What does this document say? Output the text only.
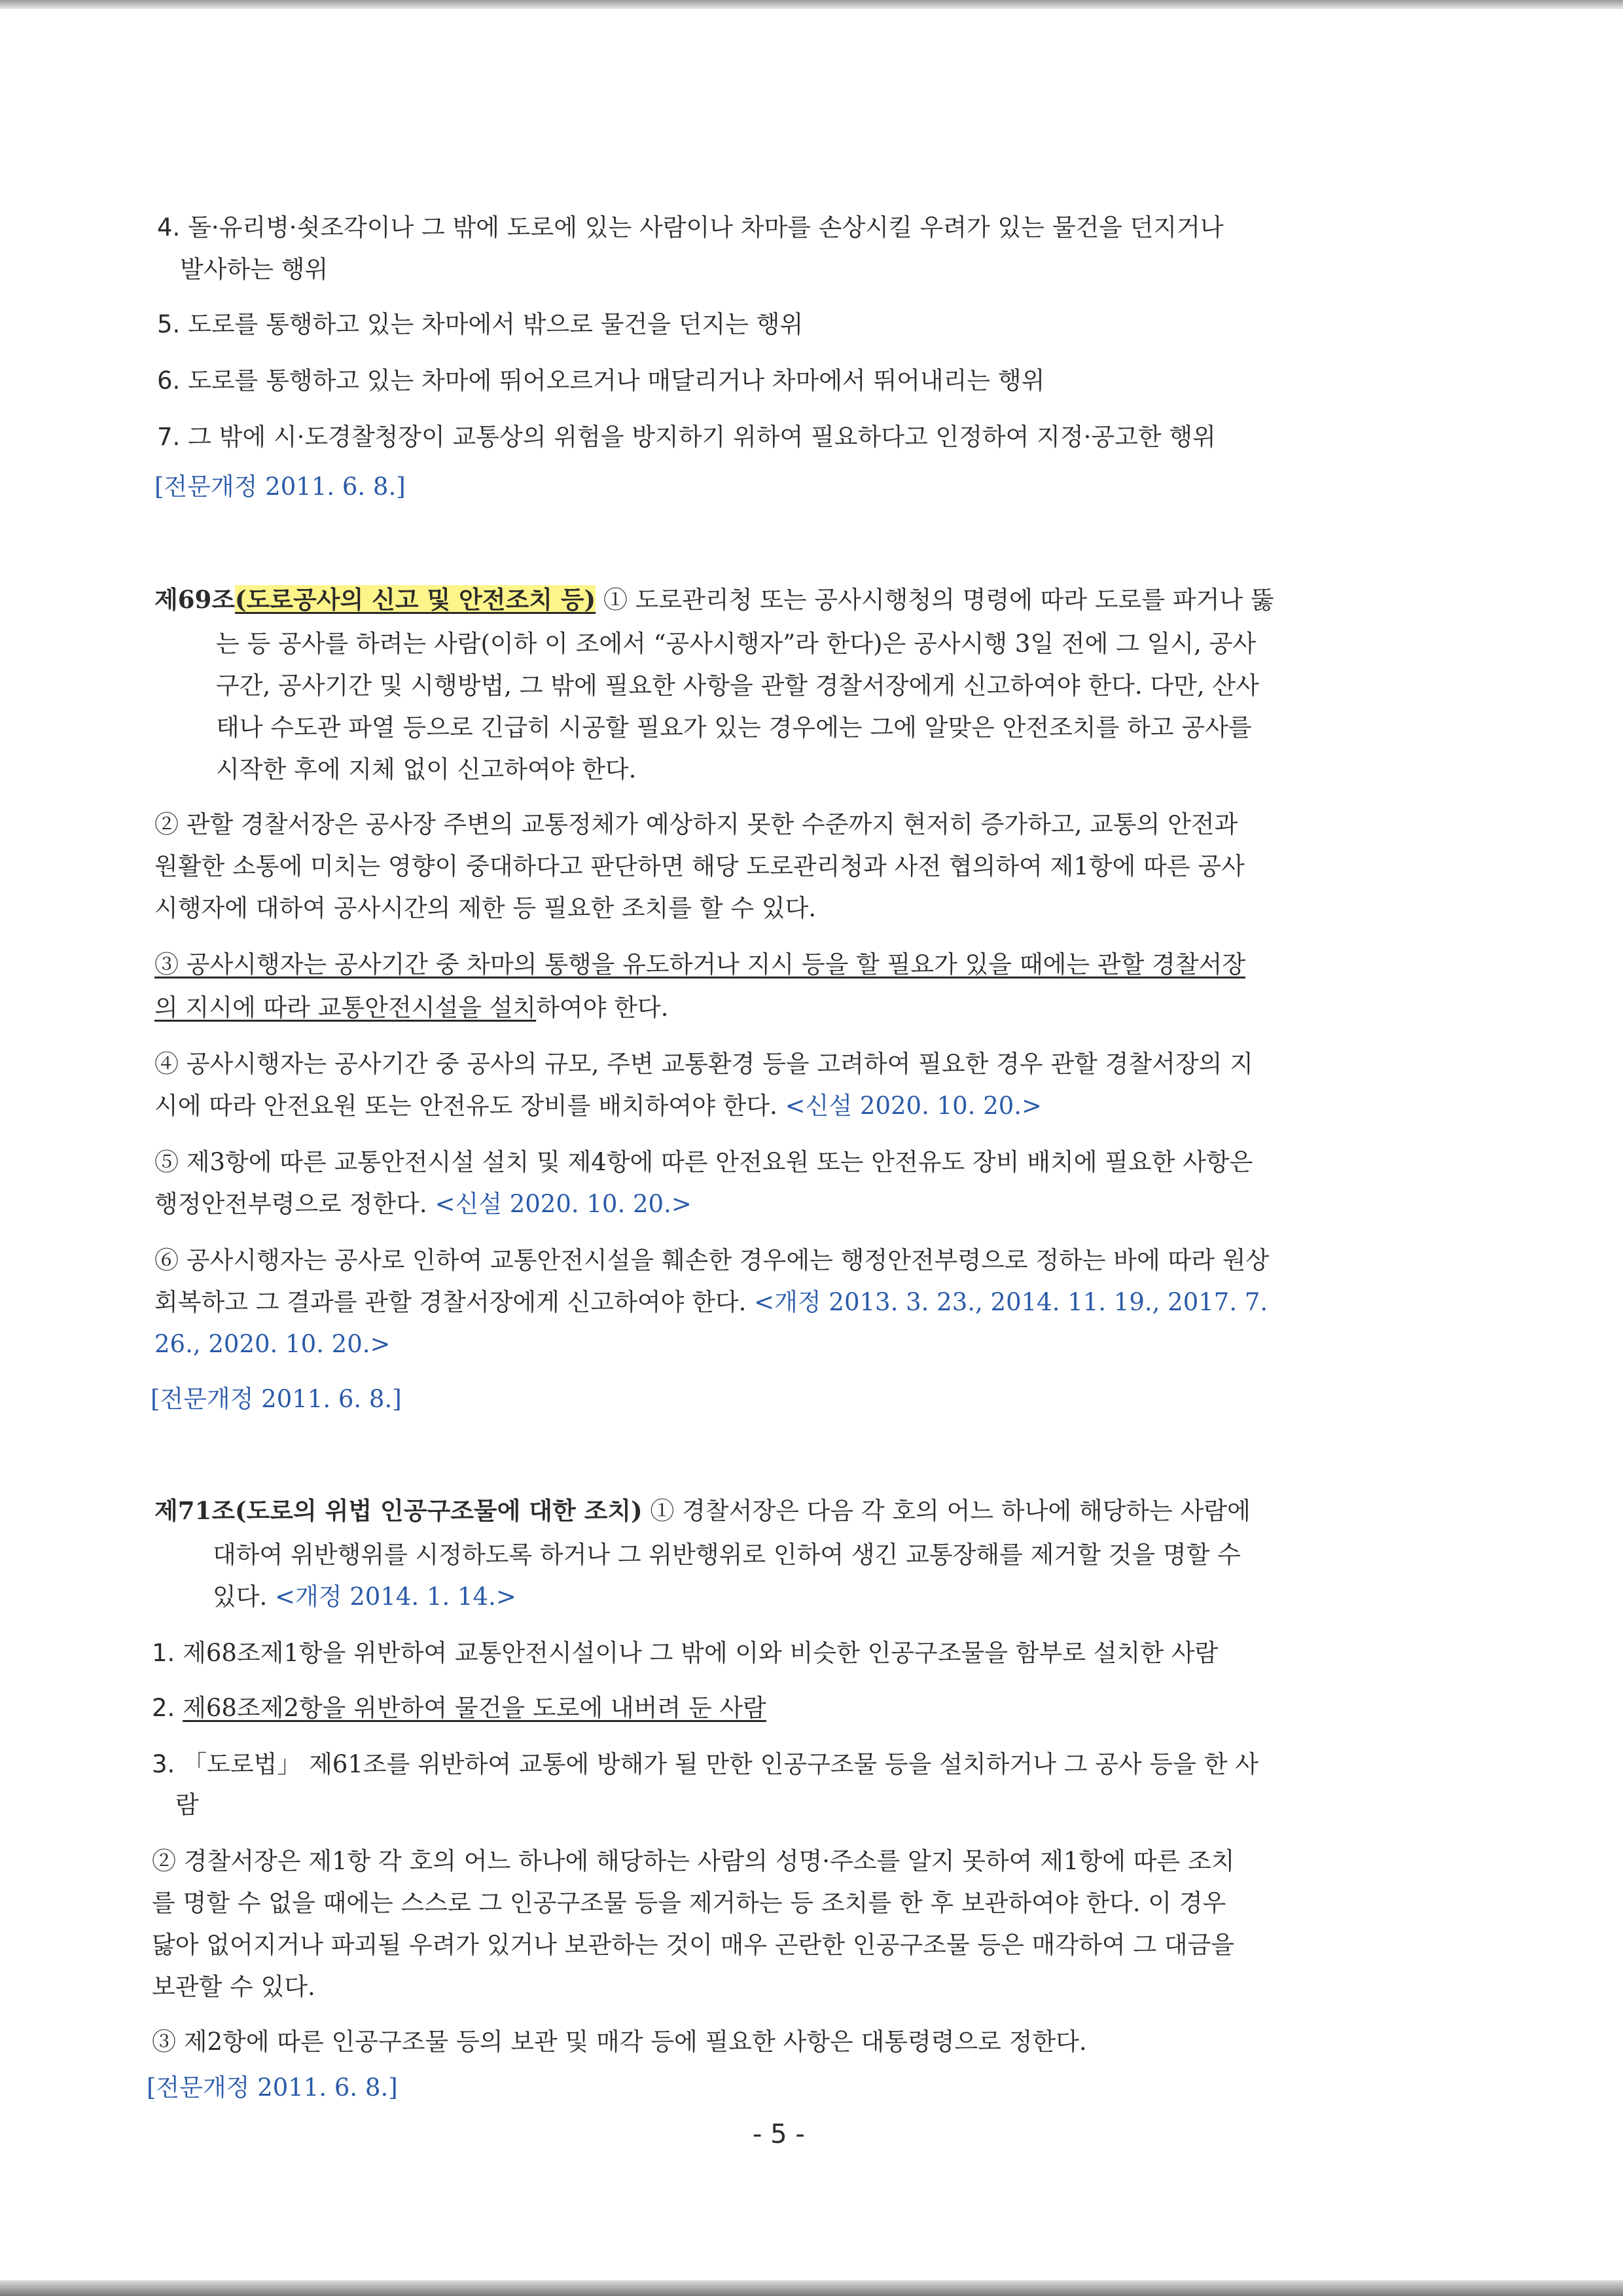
4. 돌·유리병·쇳조각이나 그 밖에 도로에 있는 사람이나 차마를 손상시킬 우려가 있는 물건을 던지거나
발사하는 행위
5. 도로를 통행하고 있는 차마에서 밖으로 물건을 던지는 행위
6. 도로를 통행하고 있는 차마에 뛰어오르거나 매달리거나 차마에서 뛰어내리는 행위
7. 그 밖에 시·도경찰청장이 교통상의 위험을 방지하기 위하여 필요하다고 인정하여 지정·공고한 행위
[전문개정 2011. 6. 8.]
제69조(도로공사의 신고 및 안전조치 등) ① 도로관리청 또는 공사시행청의 명령에 따라 도로를 파거나 뚫
는 등 공사를 하려는 사람(이하 이 조에서 “공사시행자”라 한다)은 공사시행 3일 전에 그 일시, 공사
구간, 공사기간 및 시행방법, 그 밖에 필요한 사항을 관할 경찰서장에게 신고하여야 한다. 다만, 산사
태나 수도관 파열 등으로 긴급히 시공할 필요가 있는 경우에는 그에 알맞은 안전조치를 하고 공사를
시작한 후에 지체 없이 신고하여야 한다.
② 관할 경찰서장은 공사장 주변의 교통정체가 예상하지 못한 수준까지 현저히 증가하고, 교통의 안전과
원활한 소통에 미치는 영향이 중대하다고 판단하면 해당 도로관리청과 사전 협의하여 제1항에 따른 공사
시행자에 대하여 공사시간의 제한 등 필요한 조치를 할 수 있다.
③ 공사시행자는 공사기간 중 차마의 통행을 유도하거나 지시 등을 할 필요가 있을 때에는 관할 경찰서장
의 지시에 따라 교통안전시설을 설치하여야 한다.
④ 공사시행자는 공사기간 중 공사의 규모, 주변 교통환경 등을 고려하여 필요한 경우 관할 경찰서장의 지
시에 따라 안전요원 또는 안전유도 장비를 배치하여야 한다. <신설 2020. 10. 20.>
⑤ 제3항에 따른 교통안전시설 설치 및 제4항에 따른 안전요원 또는 안전유도 장비 배치에 필요한 사항은
행정안전부령으로 정한다. <신설 2020. 10. 20.>
⑥ 공사시행자는 공사로 인하여 교통안전시설을 훼손한 경우에는 행정안전부령으로 정하는 바에 따라 원상
회복하고 그 결과를 관할 경찰서장에게 신고하여야 한다. <개정 2013. 3. 23., 2014. 11. 19., 2017. 7.
26., 2020. 10. 20.>
[전문개정 2011. 6. 8.]
제71조(도로의 위법 인공구조물에 대한 조치) ① 경찰서장은 다음 각 호의 어느 하나에 해당하는 사람에
대하여 위반행위를 시정하도록 하거나 그 위반행위로 인하여 생긴 교통장해를 제거할 것을 명할 수
있다. <개정 2014. 1. 14.>
1. 제68조제1항을 위반하여 교통안전시설이나 그 밖에 이와 비슷한 인공구조물을 함부로 설치한 사람
2. 제68조제2항을 위반하여 물건을 도로에 내버려 둔 사람
3. 「도로법」 제61조를 위반하여 교통에 방해가 될 만한 인공구조물 등을 설치하거나 그 공사 등을 한 사
람
② 경찰서장은 제1항 각 호의 어느 하나에 해당하는 사람의 성명·주소를 알지 못하여 제1항에 따른 조치
를 명할 수 없을 때에는 스스로 그 인공구조물 등을 제거하는 등 조치를 한 후 보관하여야 한다. 이 경우
닳아 없어지거나 파괴될 우려가 있거나 보관하는 것이 매우 곤란한 인공구조물 등은 매각하여 그 대금을
보관할 수 있다.
③ 제2항에 따른 인공구조물 등의 보관 및 매각 등에 필요한 사항은 대통령령으로 정한다.
[전문개정 2011. 6. 8.]
- 5 -
